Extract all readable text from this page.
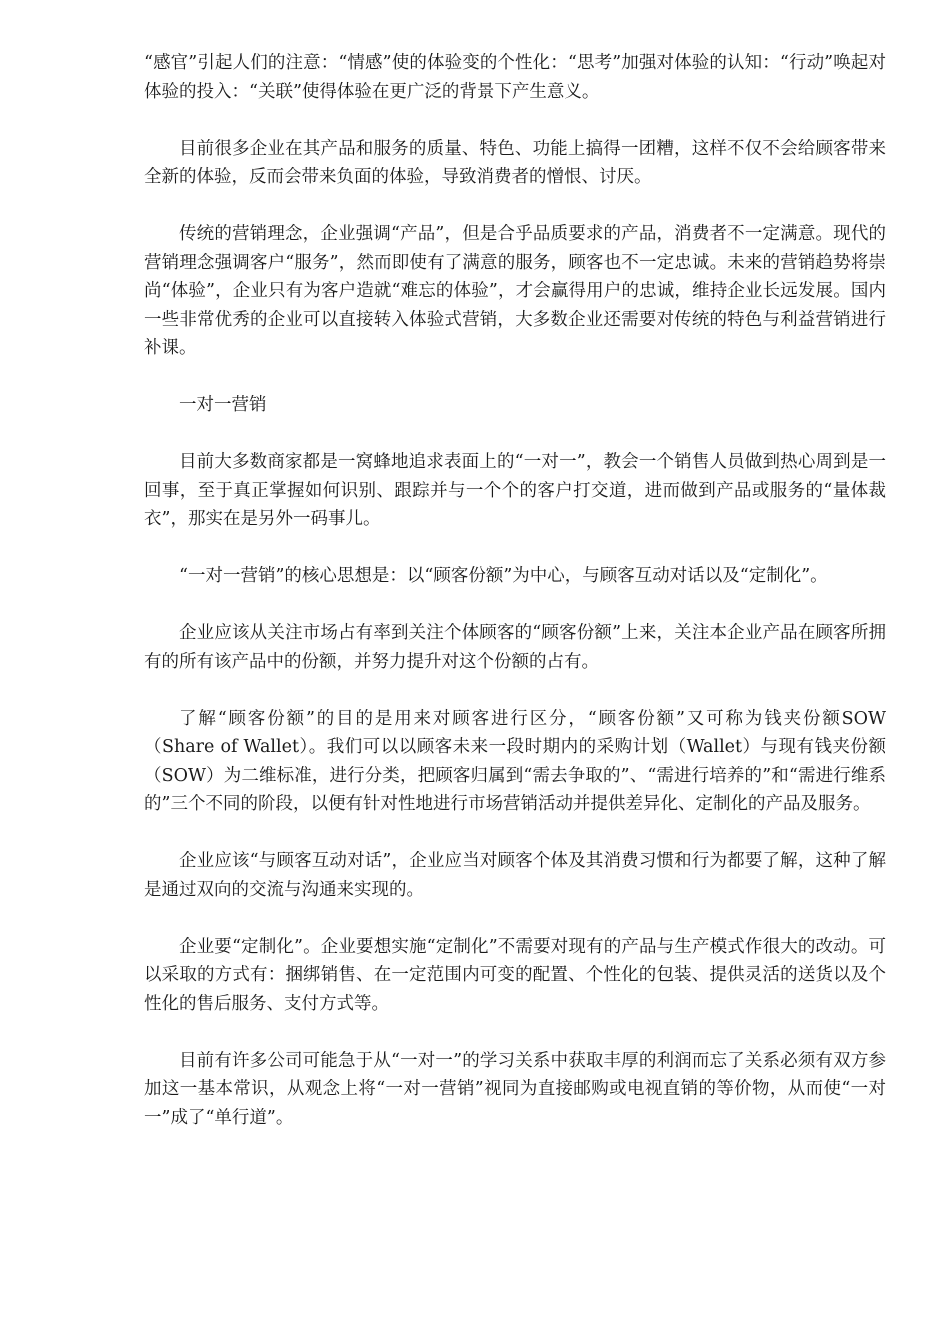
“感官”引起人们的注意：“情感”使的体验变的个性化：“思考”加强对体验的认知：“行动”唤起对体验的投入：“关联”使得体验在更广泛的背景下产生意义。

目前很多企业在其产品和服务的质量、特色、功能上搞得一团糟，这样不仅不会给顾客带来全新的体验，反而会带来负面的体验，导致消费者的憎恨、讨厌。

传统的营销理念，企业强调“产品”，但是合乎品质要求的产品，消费者不一定满意。现代的营销理念强调客户“服务”，然而即使有了满意的服务，顾客也不一定忠诚。未来的营销趋势将崇尚“体验”，企业只有为客户造就“难忘的体验”，才会赢得用户的忠诚，维持企业长远发展。国内一些非常优秀的企业可以直接转入体验式营销，大多数企业还需要对传统的特色与利益营销进行补课。

一对一营销

目前大多数商家都是一窝蜂地追求表面上的“一对一”，教会一个销售人员做到热心周到是一回事，至于真正掌握如何识别、跟踪并与一个个的客户打交道，进而做到产品或服务的“量体裁衣”，那实在是另外一码事儿。

“一对一营销”的核心思想是：以“顾客份额”为中心，与顾客互动对话以及“定制化”。

企业应该从关注市场占有率到关注个体顾客的“顾客份额”上来，关注本企业产品在顾客所拥有的所有该产品中的份额，并努力提升对这个份额的占有。

了解“顾客份额”的目的是用来对顾客进行区分，“顾客份额”又可称为钱夹份额SOW（Share of Wallet）。我们可以以顾客未来一段时期内的采购计划（Wallet）与现有钱夹份额（SOW）为二维标准，进行分类，把顾客归属到“需去争取的”、“需进行培养的”和“需进行维系的”三个不同的阶段，以便有针对性地进行市场营销活动并提供差异化、定制化的产品及服务。

企业应该“与顾客互动对话”，企业应当对顾客个体及其消费习惯和行为都要了解，这种了解是通过双向的交流与沟通来实现的。

企业要“定制化”。企业要想实施“定制化”不需要对现有的产品与生产模式作很大的改动。可以采取的方式有：捆绑销售、在一定范围内可变的配置、个性化的包装、提供灵活的送货以及个性化的售后服务、支付方式等。

目前有许多公司可能急于从“一对一”的学习关系中获取丰厚的利润而忘了关系必须有双方参加这一基本常识，从观念上将“一对一营销”视同为直接邮购或电视直销的等价物，从而使“一对一”成了“单行道”。
